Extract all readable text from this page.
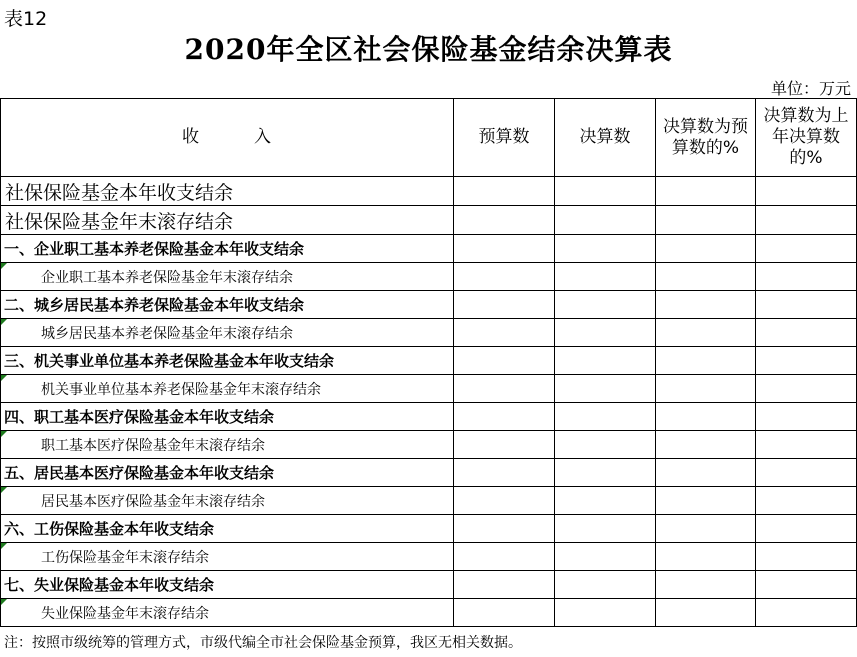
表12
2020年全区社会保险基金结余决算表
单位：万元
收　　　入	预算数	决算数	决算数为预算数的%	决算数为上年决算数的%
社保保险基金本年收支结余				
社保保险基金年末滚存结余				
一、企业职工基本养老保险基金本年收支结余				

企业职工基本养老保险基金年末滚存结余				
二、城乡居民基本养老保险基金本年收支结余				

城乡居民基本养老保险基金年末滚存结余				
三、机关事业单位基本养老保险基金本年收支结余				

机关事业单位基本养老保险基金年末滚存结余				
四、职工基本医疗保险基金本年收支结余				

职工基本医疗保险基金年末滚存结余				
五、居民基本医疗保险基金本年收支结余				

居民基本医疗保险基金年末滚存结余				
六、工伤保险基金本年收支结余				

工伤保险基金年末滚存结余				
七、失业保险基金本年收支结余				

失业保险基金年末滚存结余				
注：按照市级统筹的管理方式，市级代编全市社会保险基金预算，我区无相关数据。
